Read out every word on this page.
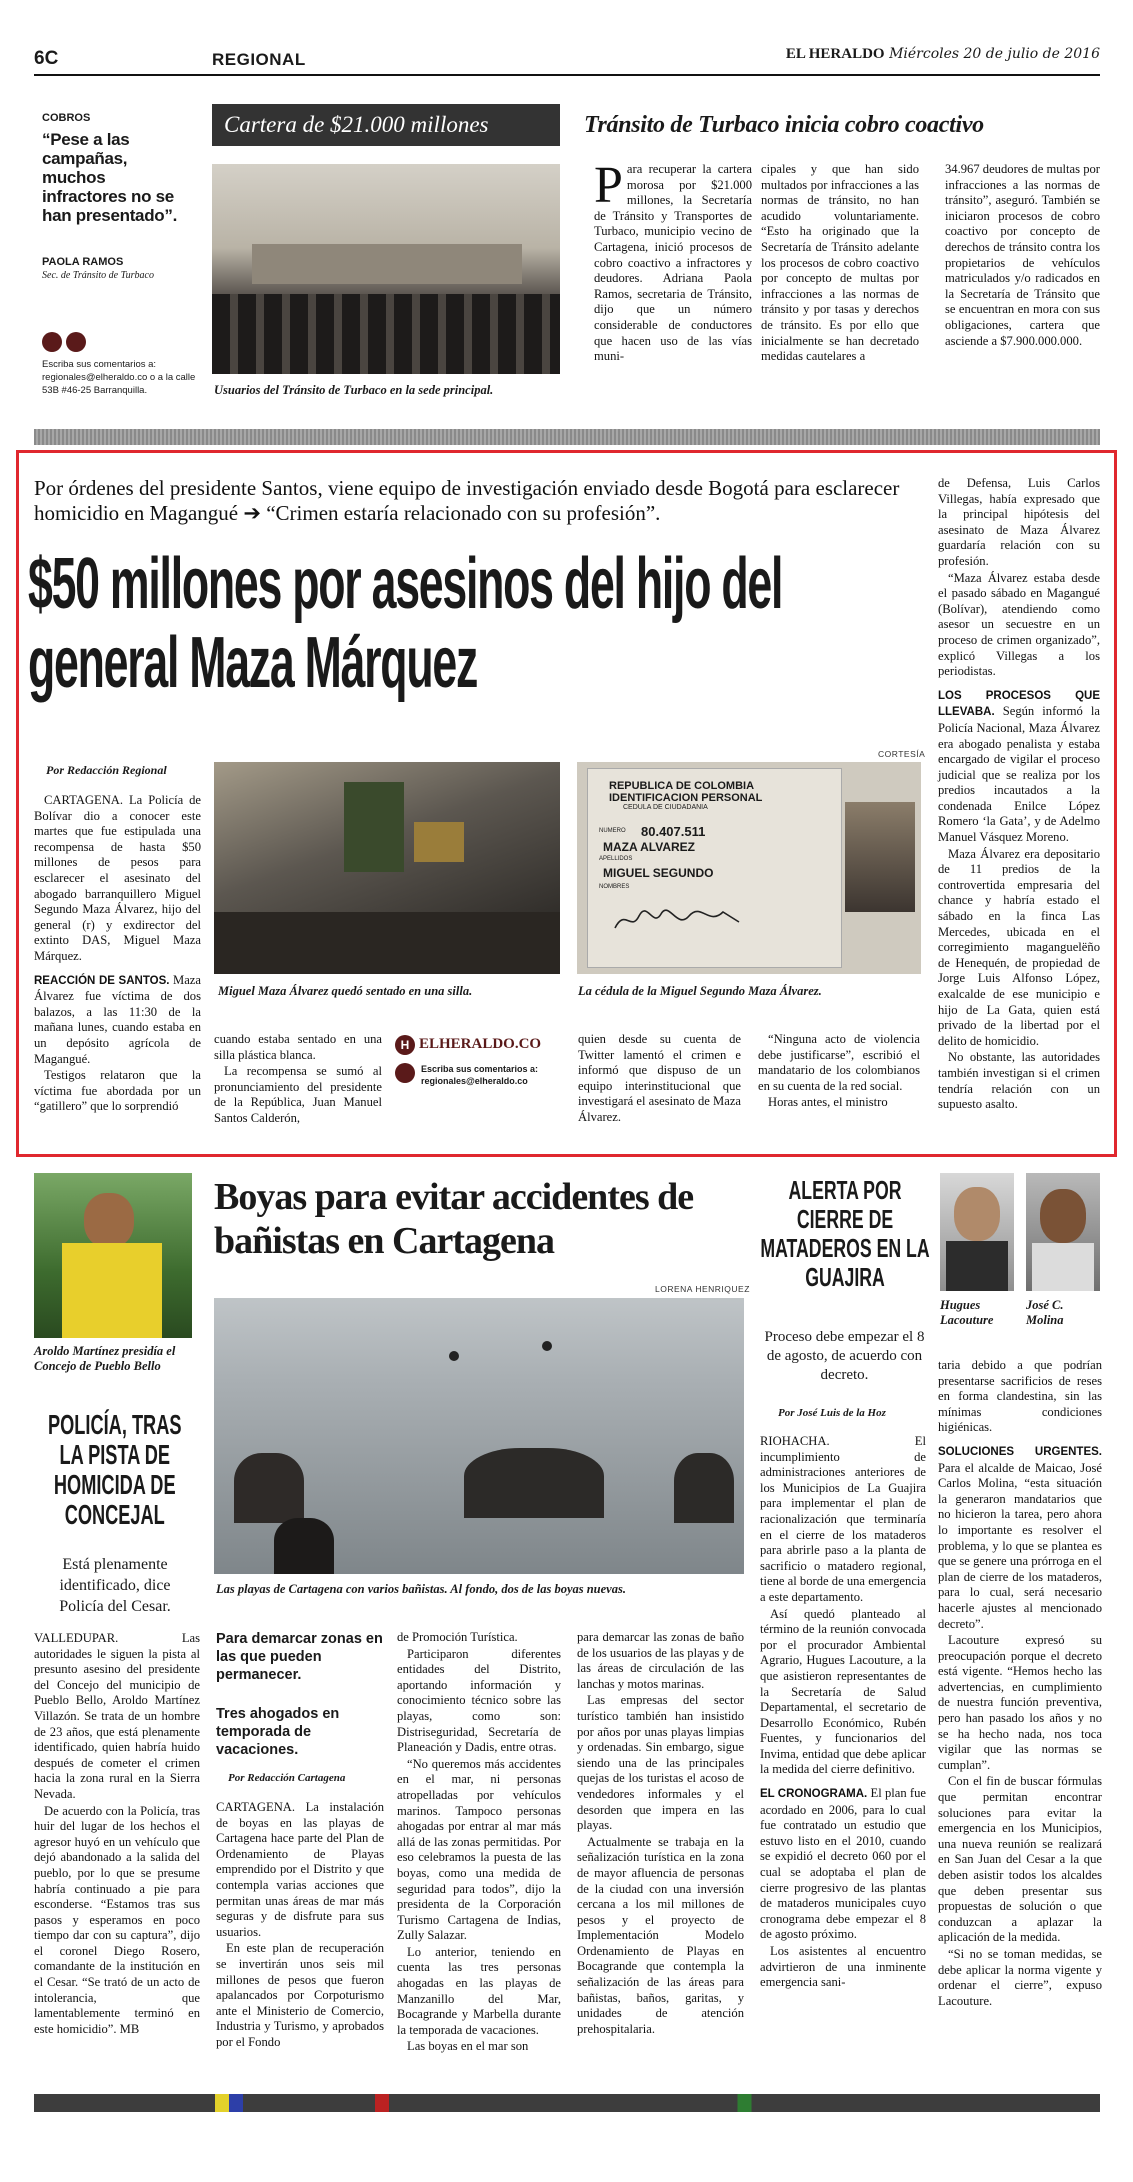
6C	REGIONAL	EL HERALDO Miércoles 20 de julio de 2016
COBROS
“Pese a las campañas, muchos infractores no se han presentado”.
PAOLA RAMOS
Sec. de Tránsito de Turbaco
Escriba sus comentarios a: regionales@elheraldo.co o a la calle 53B #46-25 Barranquilla.
Cartera de $21.000 millones
Usuarios del Tránsito de Turbaco en la sede principal.
Tránsito de Turbaco inicia cobro coactivo
P ara recuperar la cartera morosa por $21.000 millones, la Secretaría de Tránsito y Transportes de Turbaco, municipio vecino de Cartagena, inició procesos de cobro coactivo a infractores y deudores. Adriana Paola Ramos, secretaria de Tránsito, dijo que un número considerable de conductores que hacen uso de las vías muni-
cipales y que han sido multados por infracciones a las normas de tránsito, no han acudido voluntariamente. “Esto ha originado que la Secretaría de Tránsito adelante los procesos de cobro coactivo por concepto de multas por infracciones a las normas de tránsito y por tasas y derechos de tránsito. Es por ello que inicialmente se han decretado medidas cautelares a
34.967 deudores de multas por infracciones a las normas de tránsito”, aseguró. También se iniciaron procesos de cobro coactivo por concepto de derechos de tránsito contra los propietarios de vehículos matriculados y/o radicados en la Secretaría de Tránsito que se encuentran en mora con sus obligaciones, cartera que asciende a $7.900.000.000.
Por órdenes del presidente Santos, viene equipo de investigación enviado desde Bogotá para esclarecer homicidio en Magangué ➔ “Crimen estaría relacionado con su profesión”.
$50 millones por asesinos del hijo del general Maza Márquez
Por Redacción Regional

CARTAGENA. La Policía de Bolívar dio a conocer este martes que fue estipulada una recompensa de hasta $50 millones de pesos para esclarecer el asesinato del abogado barranquillero Miguel Segundo Maza Álvarez, hijo del general (r) y exdirector del extinto DAS, Miguel Maza Márquez.

REACCIÓN DE SANTOS. Maza Álvarez fue víctima de dos balazos, a las 11:30 de la mañana lunes, cuando estaba en un depósito agrícola de Magangué.

Testigos relataron que la víctima fue abordada por un “gatillero” que lo sorprendió

Miguel Maza Álvarez quedó sentado en una silla.
CORTESÍA
REPUBLICA DE COLOMBIA
IDENTIFICACION PERSONAL
CEDULA DE CIUDADANIA
NUMERO 80.407.511
MAZA ALVAREZ
APELLIDOS
MIGUEL SEGUNDO
NOMBRES
La cédula de la Miguel Segundo Maza Álvarez.

cuando estaba sentado en una silla plástica blanca.

La recompensa se sumó al pronunciamiento del presidente de la República, Juan Manuel Santos Calderón,

H ELHERALDO.CO
Escriba sus comentarios a: regionales@elheraldo.co
quien desde su cuenta de Twitter lamentó el crimen e informó que dispuso de un equipo interinstitucional que investigará el asesinato de Maza Álvarez.

“Ninguna acto de violencia debe justificarse”, escribió el mandatario de los colombianos en su cuenta de la red social.

Horas antes, el ministro

de Defensa, Luis Carlos Villegas, había expresado que la principal hipótesis del asesinato de Maza Álvarez guardaría relación con su profesión.

“Maza Álvarez estaba desde el pasado sábado en Magangué (Bolívar), atendiendo como asesor un secuestre en un proceso de crimen organizado”, explicó Villegas a los periodistas.

LOS PROCESOS QUE LLEVABA. Según informó la Policía Nacional, Maza Álvarez era abogado penalista y estaba encargado de vigilar el proceso judicial que se realiza por los predios incautados a la condenada Enilce López Romero ‘la Gata’, y de Adelmo Manuel Vásquez Moreno.

Maza Álvarez era depositario de 11 predios de la controvertida empresaria del chance y habría estado el sábado en la finca Las Mercedes, ubicada en el corregimiento maganguelëño de Henequén, de propiedad de Jorge Luis Alfonso López, exalcalde de ese municipio e hijo de La Gata, quien está privado de la libertad por el delito de homicidio.

No obstante, las autoridades también investigan si el crimen tendría relación con un supuesto asalto.

Aroldo Martínez presidía el Concejo de Pueblo Bello
POLICÍA, TRAS LA PISTA DE HOMICIDA DE CONCEJAL
Está plenamente identificado, dice Policía del Cesar.

VALLEDUPAR. Las autoridades le siguen la pista al presunto asesino del presidente del Concejo del municipio de Pueblo Bello, Aroldo Martínez Villazón. Se trata de un hombre de 23 años, que está plenamente identificado, quien habría huido después de cometer el crimen hacia la zona rural en la Sierra Nevada.

De acuerdo con la Policía, tras huir del lugar de los hechos el agresor huyó en un vehículo que dejó abandonado a la salida del pueblo, por lo que se presume habría continuado a pie para esconderse. “Estamos tras sus pasos y esperamos en poco tiempo dar con su captura”, dijo el coronel Diego Rosero, comandante de la institución en el Cesar. “Se trató de un acto de intolerancia, que lamentablemente terminó en este homicidio”. MB

Boyas para evitar accidentes de bañistas en Cartagena
LORENA HENRIQUEZ
Las playas de Cartagena con varios bañistas. Al fondo, dos de las boyas nuevas.
Para demarcar zonas en las que pueden permanecer.
Tres ahogados en temporada de vacaciones.
Por Redacción Cartagena

CARTAGENA. La instalación de boyas en las playas de Cartagena hace parte del Plan de Ordenamiento de Playas emprendido por el Distrito y que contempla varias acciones que permitan unas áreas de mar más seguras y de disfrute para sus usuarios.

En este plan de recuperación se invertirán unos seis mil millones de pesos que fueron apalancados por Corpoturismo ante el Ministerio de Comercio, Industria y Turismo, y aprobados por el Fondo

de Promoción Turística.

Participaron diferentes entidades del Distrito, aportando información y conocimiento técnico sobre las playas, como son: Distriseguridad, Secretaría de Planeación y Dadis, entre otras.

“No queremos más accidentes en el mar, ni personas atropelladas por vehículos marinos. Tampoco personas ahogadas por entrar al mar más allá de las zonas permitidas. Por eso celebramos la puesta de las boyas, como una medida de seguridad para todos”, dijo la presidenta de la Corporación Turismo Cartagena de Indias, Zully Salazar.

Lo anterior, teniendo en cuenta las tres personas ahogadas en las playas de Manzanillo del Mar, Bocagrande y Marbella durante la temporada de vacaciones.

Las boyas en el mar son

para demarcar las zonas de baño de los usuarios de las playas y de las áreas de circulación de las lanchas y motos marinas.

Las empresas del sector turístico también han insistido por años por unas playas limpias y ordenadas. Sin embargo, sigue siendo una de las principales quejas de los turistas el acoso de vendedores informales y el desorden que impera en las playas.

Actualmente se trabaja en la señalización turística en la zona de mayor afluencia de personas de la ciudad con una inversión cercana a los mil millones de pesos y el proyecto de Implementación Modelo Ordenamiento de Playas en Bocagrande que contempla la señalización de las áreas para bañistas, baños, garitas, y unidades de atención prehospitalaria.

ALERTA POR CIERRE DE MATADEROS EN LA GUAJIRA
Proceso debe empezar el 8 de agosto, de acuerdo con decreto.
Por José Luis de la Hoz

RIOHACHA. El incumplimiento de administraciones anteriores de los Municipios de La Guajira para implementar el plan de racionalización que terminaría en el cierre de los mataderos para abrirle paso a la planta de sacrificio o matadero regional, tiene al borde de una emergencia a este departamento.

Así quedó planteado al término de la reunión convocada por el procurador Ambiental Agrario, Hugues Lacouture, a la que asistieron representantes de la Secretaría de Salud Departamental, el secretario de Desarrollo Económico, Rubén Fuentes, y funcionarios del Invima, entidad que debe aplicar la medida del cierre definitivo.

EL CRONOGRAMA. El plan fue acordado en 2006, para lo cual fue contratado un estudio que estuvo listo en el 2010, cuando se expidió el decreto 060 por el cual se adoptaba el plan de cierre progresivo de las plantas de mataderos municipales cuyo cronograma debe empezar el 8 de agosto próximo.

Los asistentes al encuentro advirtieron de una inminente emergencia sani-

Hugues Lacouture
José C. Molina

taria debido a que podrían presentarse sacrificios de reses en forma clandestina, sin las mínimas condiciones higiénicas.

SOLUCIONES URGENTES. Para el alcalde de Maicao, José Carlos Molina, “esta situación la generaron mandatarios que no hicieron la tarea, pero ahora lo importante es resolver el problema, y lo que se plantea es que se genere una prórroga en el plan de cierre de los mataderos, para lo cual, será necesario hacerle ajustes al mencionado decreto”.

Lacouture expresó su preocupación porque el decreto está vigente. “Hemos hecho las advertencias, en cumplimiento de nuestra función preventiva, pero han pasado los años y no se ha hecho nada, nos toca vigilar que las normas se cumplan”.

Con el fin de buscar fórmulas que permitan encontrar soluciones para evitar la emergencia en los Municipios, una nueva reunión se realizará en San Juan del Cesar a la que deben asistir todos los alcaldes que deben presentar sus propuestas de solución o que conduzcan a aplazar la aplicación de la medida.

“Si no se toman medidas, se debe aplicar la norma vigente y ordenar el cierre”, expuso Lacouture.
